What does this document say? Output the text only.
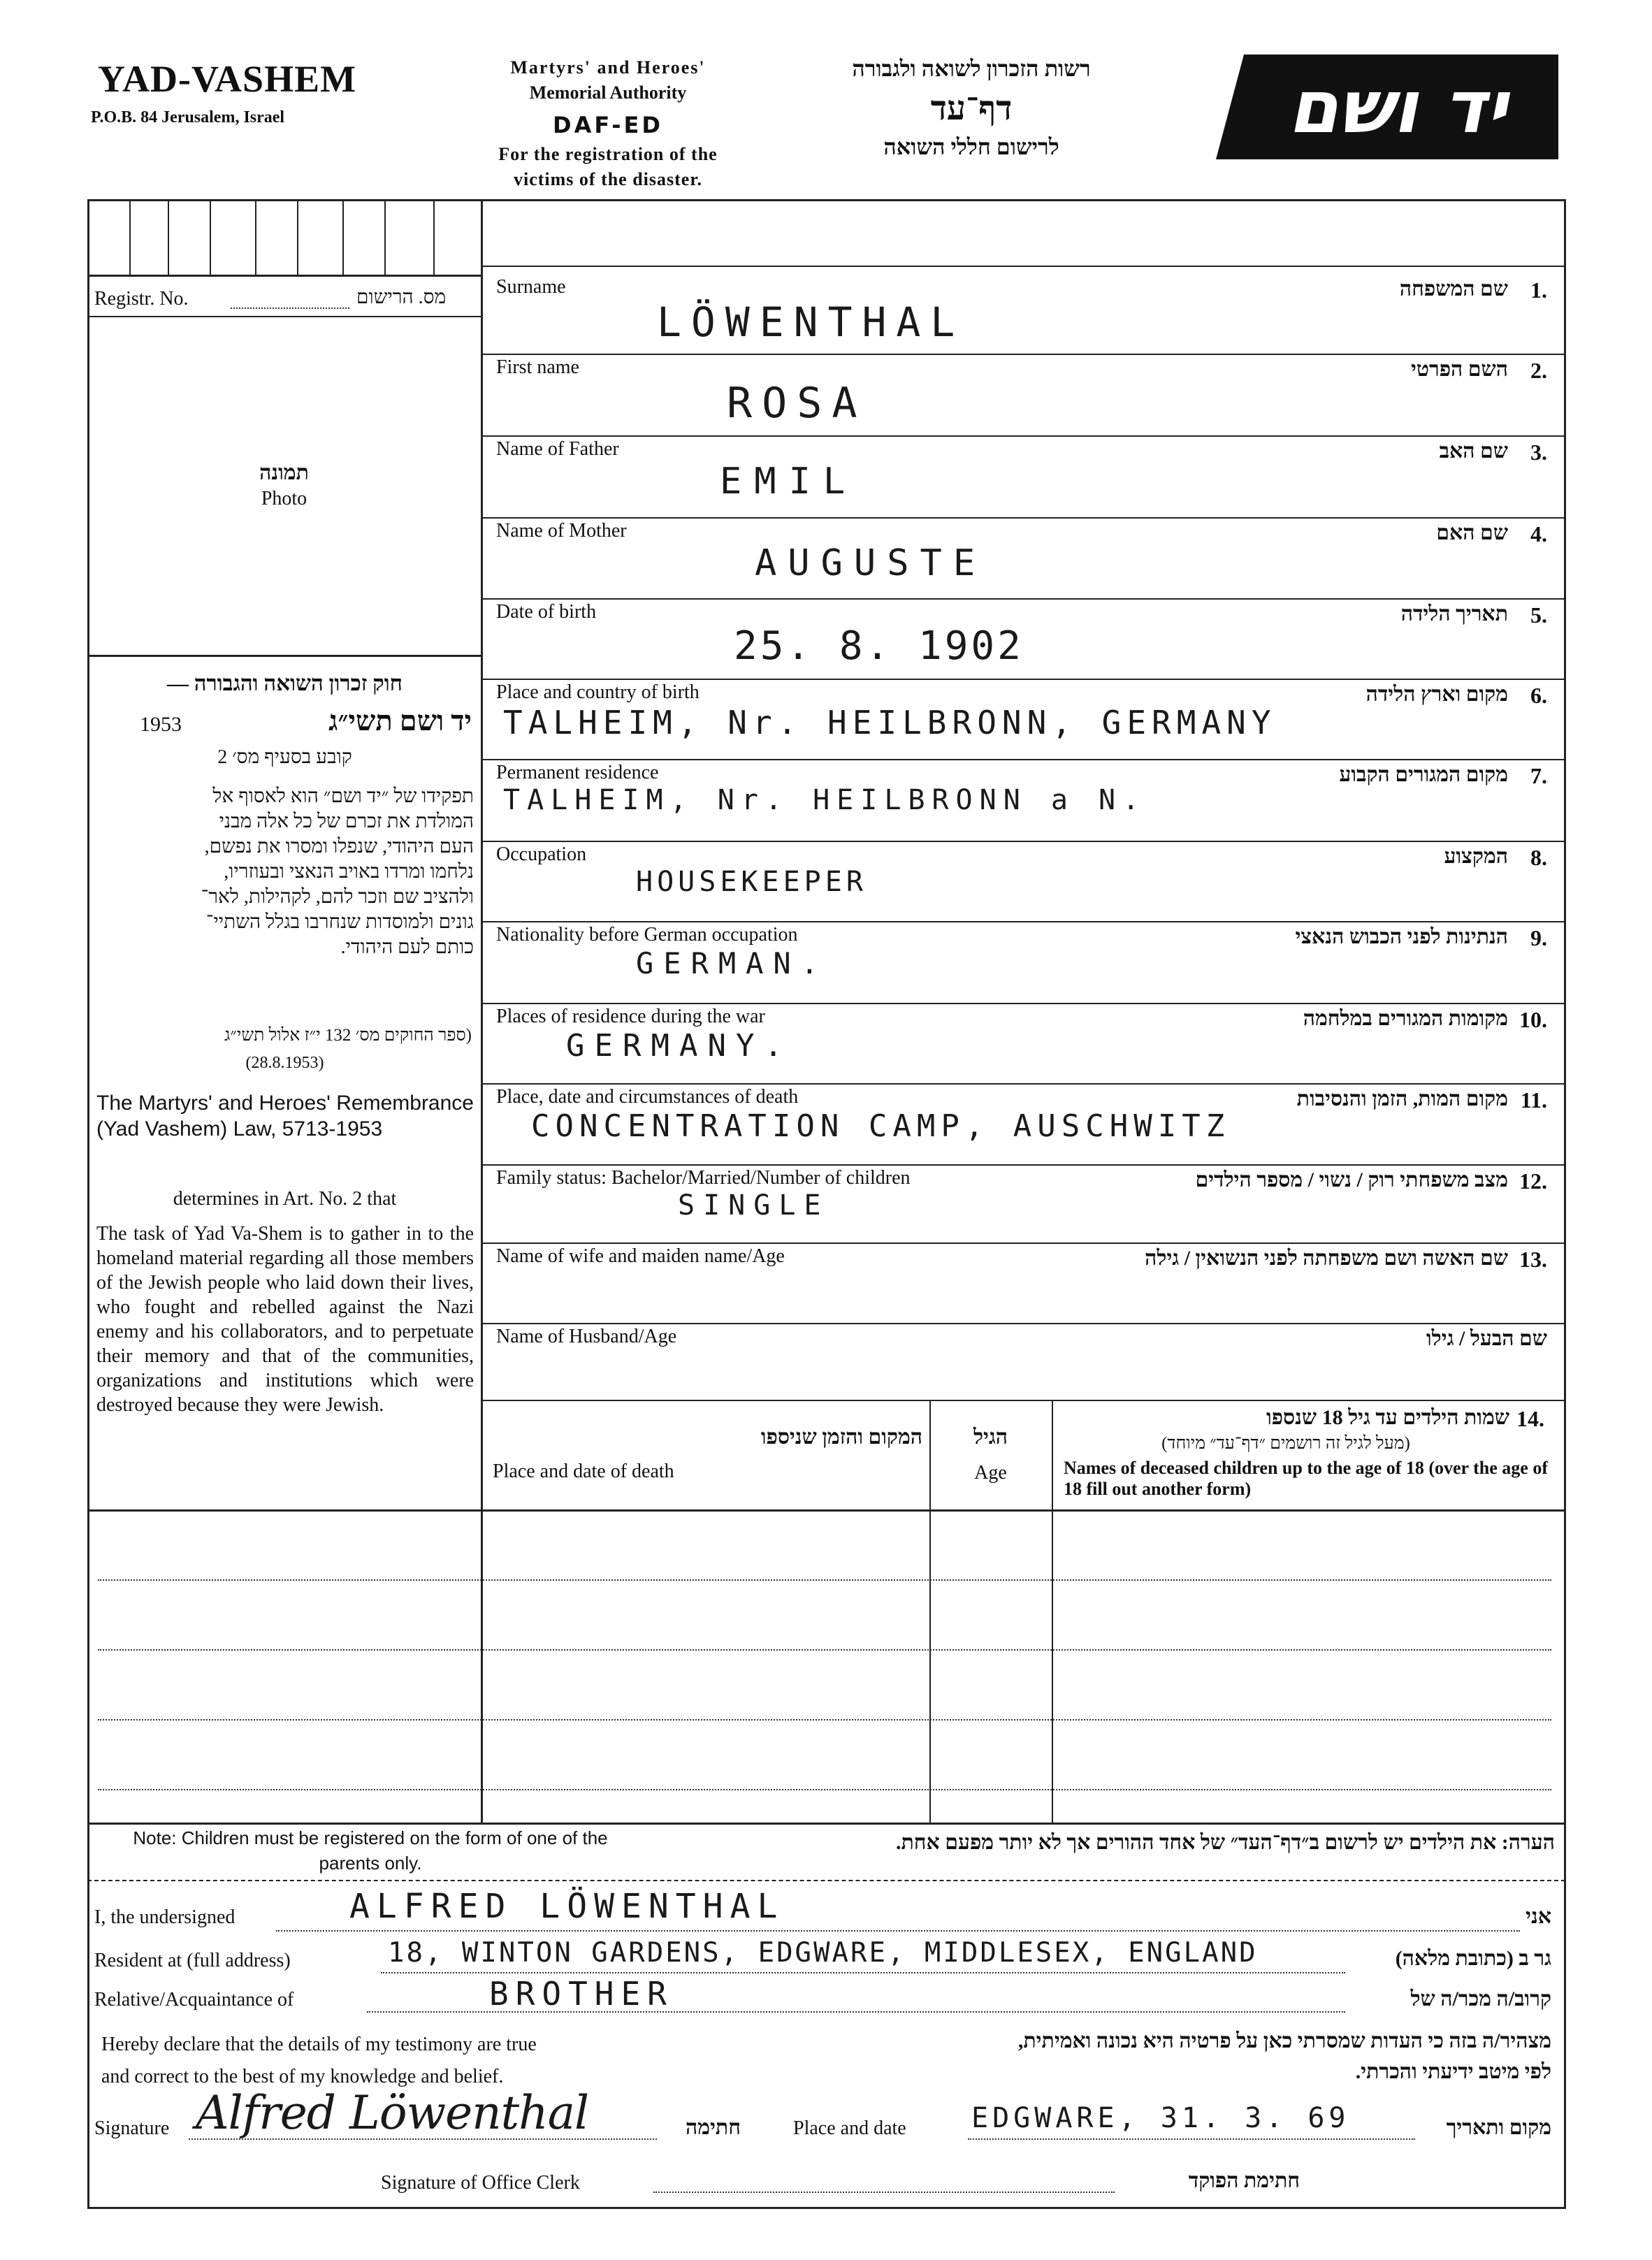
YAD-VASHEM
P.O.B. 84 Jerusalem, Israel
Martyrs' and Heroes'
Memorial Authority
DAF-ED
For the registration of the
victims of the disaster.
רשות הזכרון לשואה ולגבורה
דף־עד
לרישום חללי השואה	יד ושם
Registr. No.	מס. הרישום
תמונה
Photo
חוק זכרון השואה והגבורה —
1953	יד ושם תשי״ג
קובע בסעיף מס׳ 2
תפקידו של ״יד ושם״ הוא לאסוף אל
המולדת את זכרם של כל אלה מבני
העם היהודי, שנפלו ומסרו את נפשם,
נלחמו ומרדו באויב הנאצי ובעוזריו,
ולהציב שם וזכר להם, לקהילות, לאר־
גונים ולמוסדות שנחרבו בגלל השתיי־
כותם לעם היהודי.
(ספר החוקים מס׳ 132 י״ז אלול תשי״ג
(28.8.1953)
The Martyrs' and Heroes' Remembrance (Yad Vashem) Law, 5713-1953
determines in Art. No. 2 that
The task of Yad Va-Shem is to gather in to the homeland material regarding all those members of the Jewish people who laid down their lives, who fought and rebelled against the Nazi enemy and his collaborators, and to perpetuate their memory and that of the communities, organizations and institutions which were destroyed because they were Jewish.
Surname	1.
שם המשפחה
LÖWENTHAL
First name	2.
השם הפרטי
ROSA
Name of Father	3.
שם האב
EMIL
Name of Mother	4.
שם האם
AUGUSTE
Date of birth	5.
תאריך הלידה
25. 8. 1902
Place and country of birth	6.
מקום וארץ הלידה
TALHEIM, Nr. HEILBRONN, GERMANY
Permanent residence	7.
מקום המגורים הקבוע
TALHEIM, Nr. HEILBRONN a N.
Occupation	8.
המקצוע
HOUSEKEEPER
Nationality before German occupation	9.
הנתינות לפני הכבוש הנאצי
GERMAN.
Places of residence during the war	10.
מקומות המגורים במלחמה
GERMANY.
Place, date and circumstances of death	11.
מקום המות, הזמן והנסיבות
CONCENTRATION CAMP, AUSCHWITZ
Family status: Bachelor/Married/Number of children	12.
מצב משפחתי רוק / נשוי / מספר הילדים
SINGLE
Name of wife and maiden name/Age	13.
שם האשה ושם משפחתה לפני הנשואין / גילה
Name of Husband/Age	שם הבעל / גילו
המקום והזמן שניספו
Place and date of death
הגיל
Age
14.
שמות הילדים עד גיל 18 שנספו
(מעל לגיל זה רושמים ״דף־עד״ מיוחד)
Names of deceased children up to the age of 18 (over the age of 18 fill out another form)
Note: Children must be registered on the form of one of the parents only.
הערה: את הילדים יש לרשום ב״דף־העד״ של אחד ההורים אך לא יותר מפעם אחת.
I, the undersigned	ALFRED LÖWENTHAL	אני
Resident at (full address)	18, WINTON GARDENS, EDGWARE, MIDDLESEX, ENGLAND	גר ב (כתובת מלאה)
Relative/Acquaintance of	BROTHER	קרוב/ה מכר/ה של
Hereby declare that the details of my testimony are true
and correct to the best of my knowledge and belief.
מצהיר/ה בזה כי העדות שמסרתי כאן על פרטיה היא נכונה ואמיתית,
לפי מיטב ידיעתי והכרתי.
Signature Alfred Löwenthal	חתימה	Place and date EDGWARE, 31. 3. 69	מקום ותאריך
Signature of Office Clerk	חתימת הפוקד
